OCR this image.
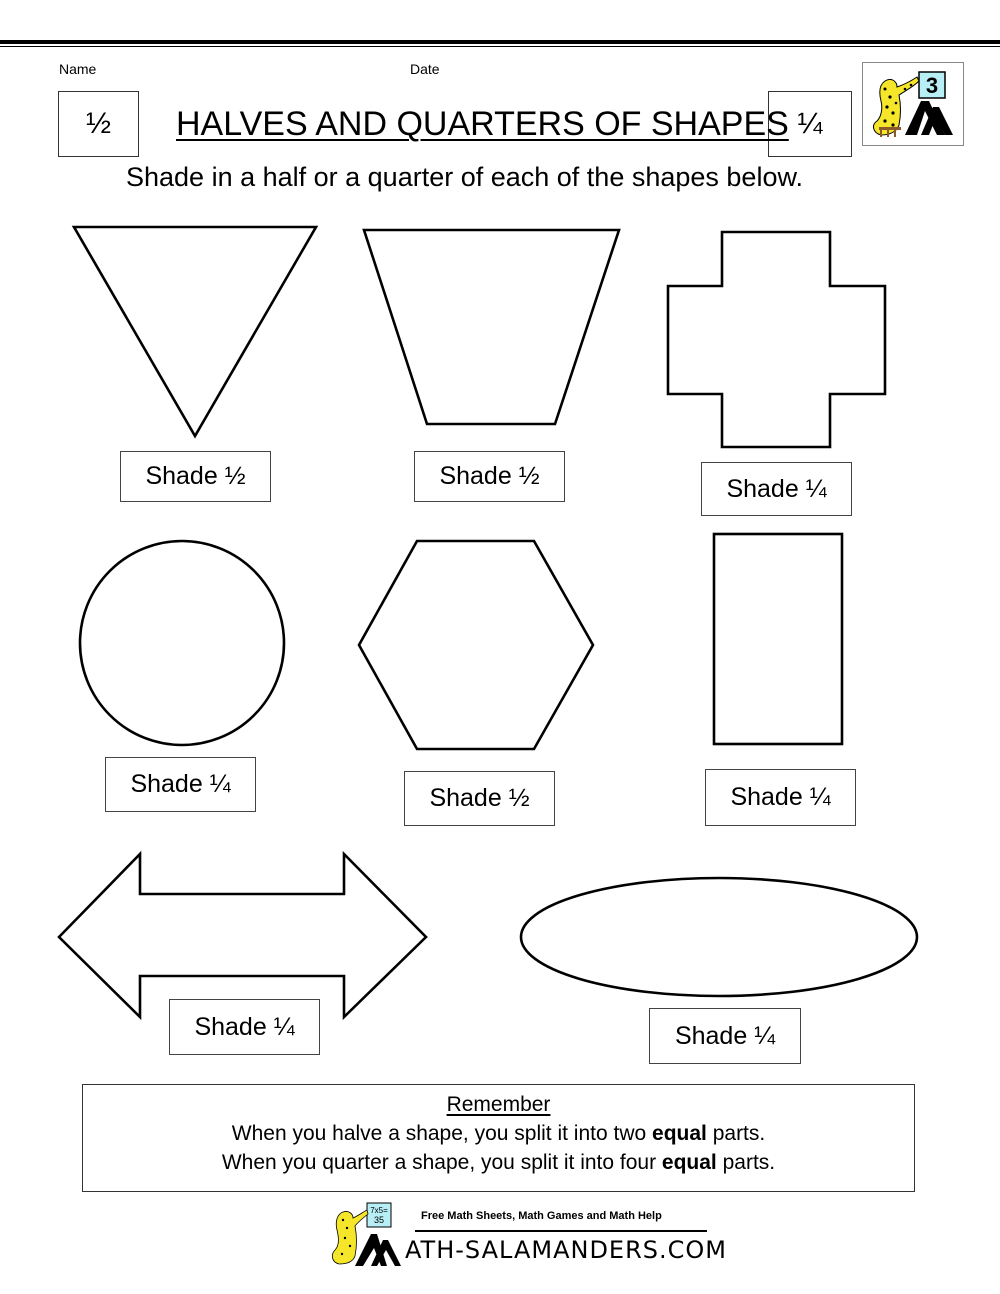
Name	Date
½	¼
HALVES AND QUARTERS OF SHAPES
Shade in a half or a quarter of each of the shapes below.
3
Shade ½	Shade ½	Shade ¼
Shade ¼	Shade ½	Shade ¼
Shade ¼	Shade ¼
Remember
When you halve a shape, you split it into two equal parts.
When you quarter a shape, you split it into four equal parts.
7x5=
35	Free Math Sheets, Math Games and Math Help
ATH-SALAMANDERS.COM
